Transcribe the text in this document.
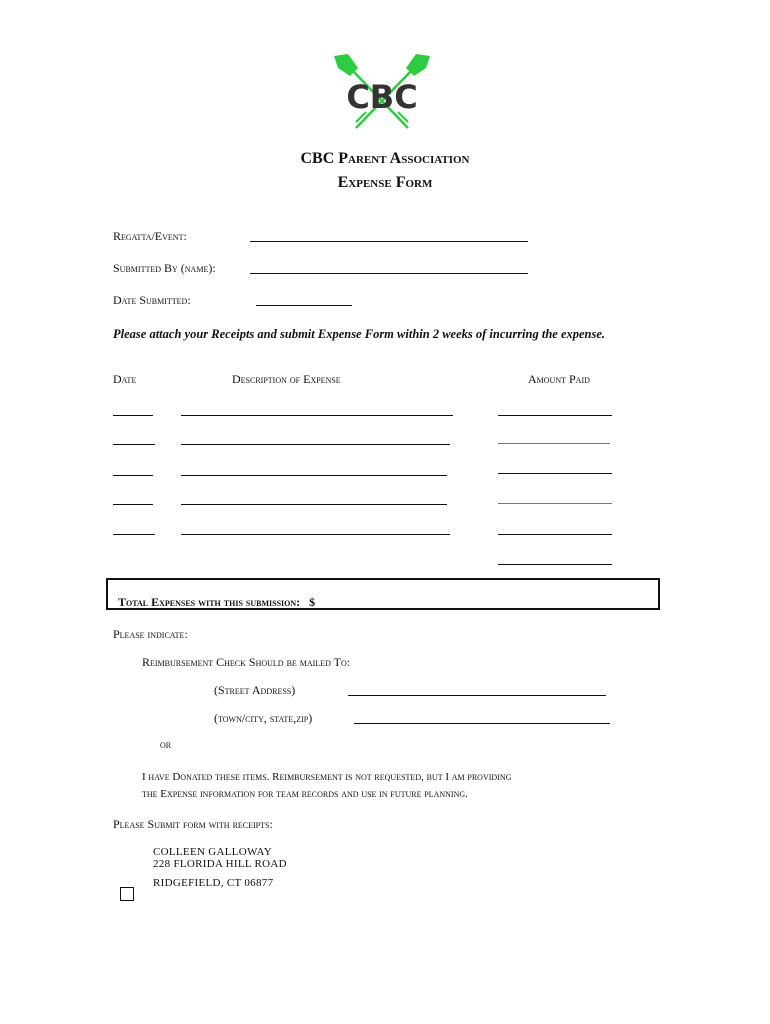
CBC
CBC Parent Association
Expense Form
Regatta/Event:
Submitted By (name):
Date Submitted:
Please attach your Receipts and submit Expense Form within 2 weeks of incurring the expense.
Date	Description of Expense	Amount Paid
Total Expenses with this submission: $
Please indicate:
Reimbursement Check Should be mailed To:
(Street Address)
(town/city, state,zip)
or
I have Donated these items. Reimbursement is not requested, but I am providing
the Expense information for team records and use in future planning.
Please Submit form with receipts:
COLLEEN GALLOWAY
228 FLORIDA HILL ROAD
RIDGEFIELD, CT 06877
